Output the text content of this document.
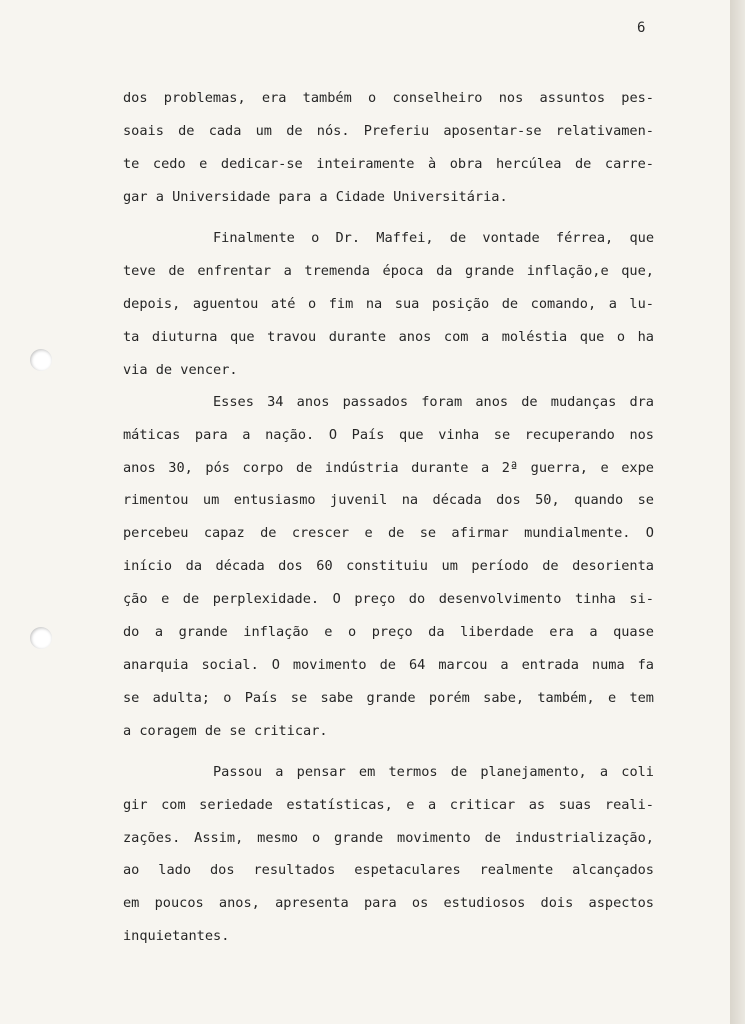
6
dos problemas, era também o conselheiro nos assuntos pes-
soais de cada um de nós. Preferiu aposentar-se relativamen-
te cedo e dedicar-se inteiramente à obra hercúlea de carre-
gar a Universidade para a Cidade Universitária.
Finalmente o Dr. Maffei, de vontade férrea, que
teve de enfrentar a tremenda época da grande inflação,e que,
depois, aguentou até o fim na sua posição de comando, a lu-
ta diuturna que travou durante anos com a moléstia que o ha
via de vencer.
Esses 34 anos passados foram anos de mudanças dra
máticas para a nação. O País que vinha se recuperando nos
anos 30, pós corpo de indústria durante a 2ª guerra, e expe
rimentou um entusiasmo juvenil na década dos 50, quando se
percebeu capaz de crescer e de se afirmar mundialmente. O
início da década dos 60 constituiu um período de desorienta
ção e de perplexidade. O preço do desenvolvimento tinha si-
do a grande inflação e o preço da liberdade era a quase
anarquia social. O movimento de 64 marcou a entrada numa fa
se adulta; o País se sabe grande porém sabe, também, e tem
a coragem de se criticar.
Passou a pensar em termos de planejamento, a coli
gir com seriedade estatísticas, e a criticar as suas reali-
zações. Assim, mesmo o grande movimento de industrialização,
ao lado dos resultados espetaculares realmente alcançados
em poucos anos, apresenta para os estudiosos dois aspectos
inquietantes.
